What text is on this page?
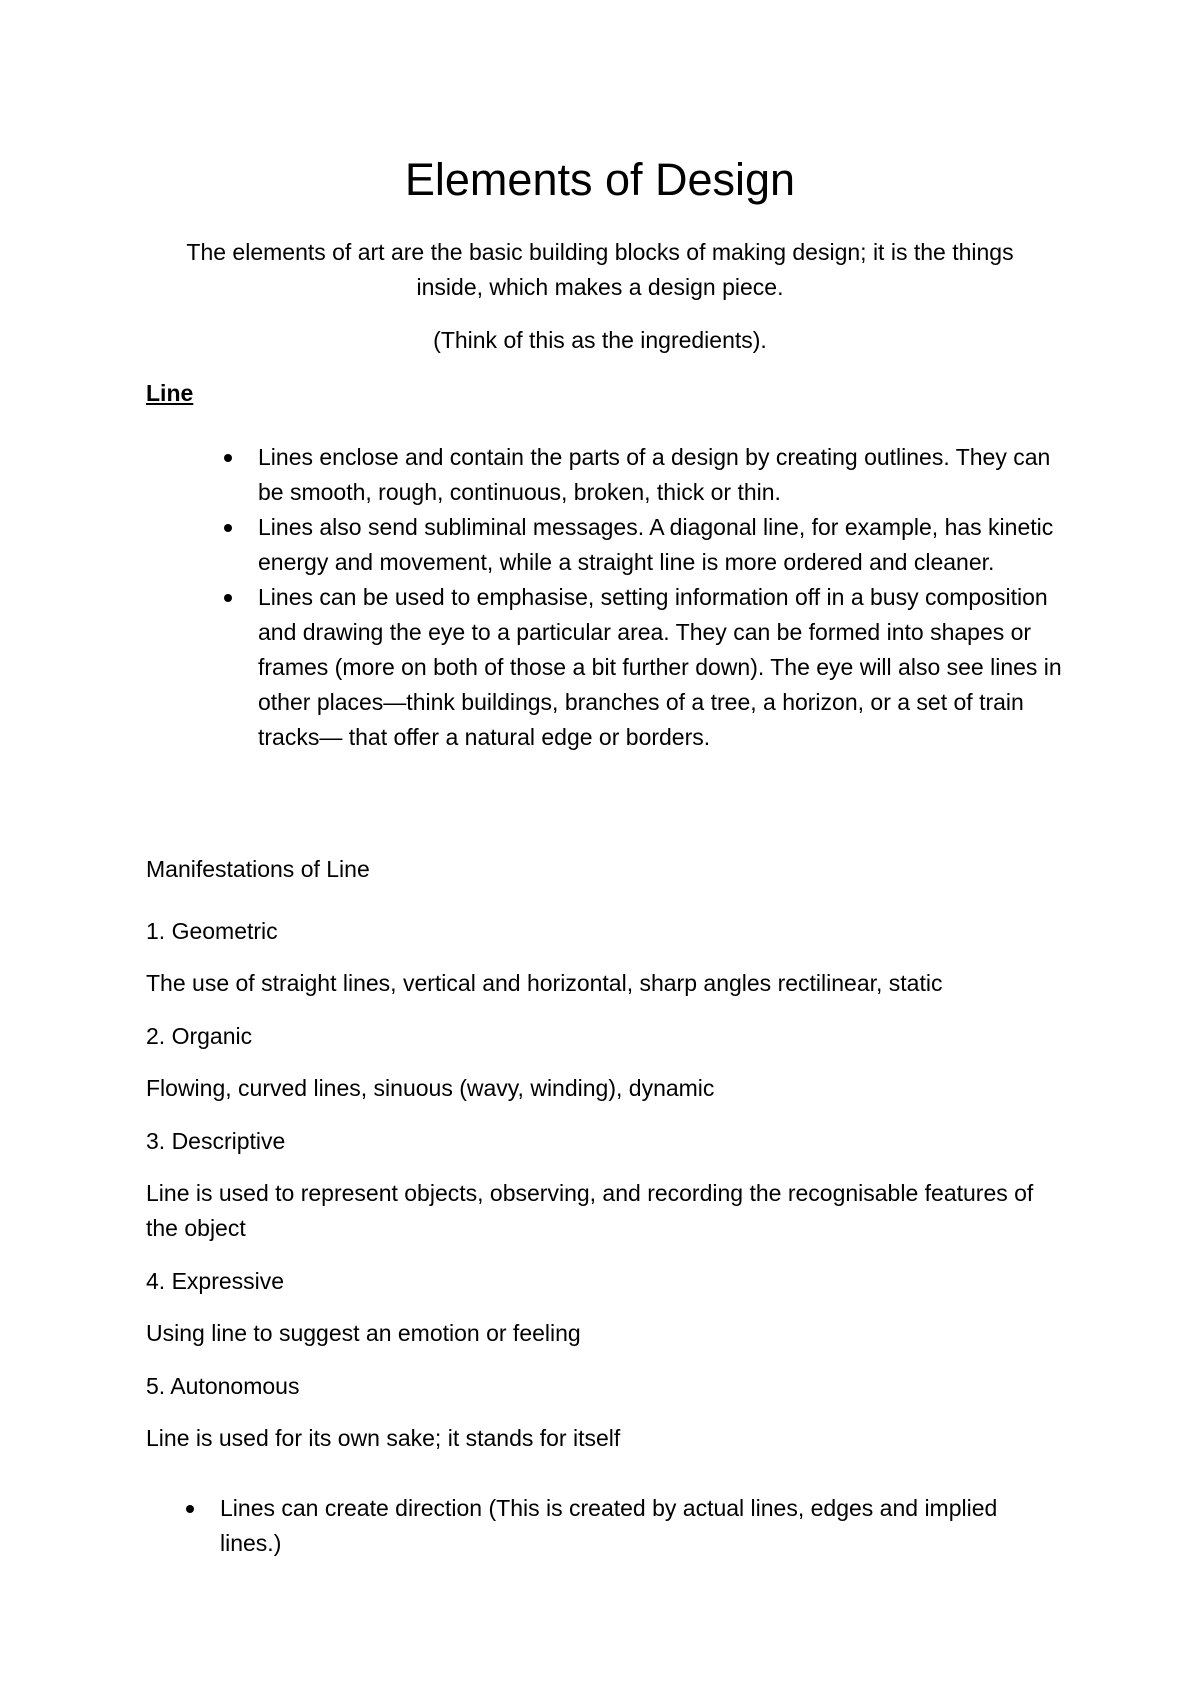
Elements of Design

The elements of art are the basic building blocks of making design; it is the things inside, which makes a design piece.

(Think of this as the ingredients).

Line

Lines enclose and contain the parts of a design by creating outlines. They can be smooth, rough, continuous, broken, thick or thin.
Lines also send subliminal messages. A diagonal line, for example, has kinetic energy and movement, while a straight line is more ordered and cleaner.
Lines can be used to emphasise, setting information off in a busy composition and drawing the eye to a particular area. They can be formed into shapes or frames (more on both of those a bit further down). The eye will also see lines in other places—think buildings, branches of a tree, a horizon, or a set of train tracks— that offer a natural edge or borders.

Manifestations of Line

1. Geometric

The use of straight lines, vertical and horizontal, sharp angles rectilinear, static

2. Organic

Flowing, curved lines, sinuous (wavy, winding), dynamic

3. Descriptive

Line is used to represent objects, observing, and recording the recognisable features of the object

4. Expressive

Using line to suggest an emotion or feeling

5. Autonomous

Line is used for its own sake; it stands for itself

Lines can create direction (This is created by actual lines, edges and implied lines.)
